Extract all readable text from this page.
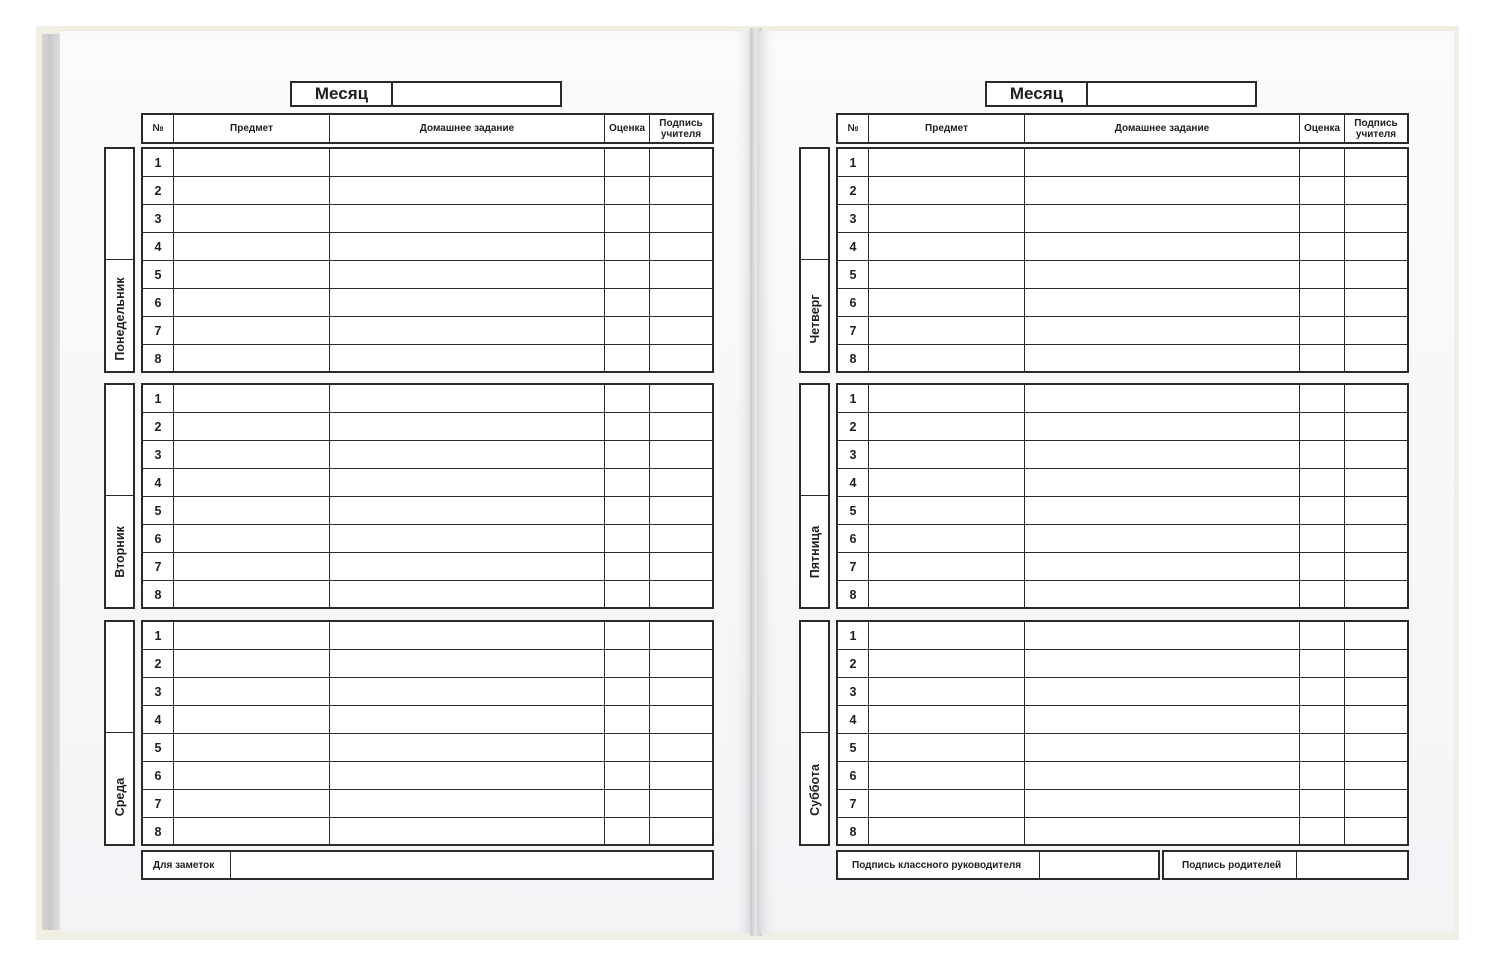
Месяц
№	Предмет	Домашнее задание	Оценка	Подпись учителя
Понедельник
1
2
3
4
5
6
7
8
Вторник
1
2
3
4
5
6
7
8
Среда
1
2
3
4
5
6
7
8
Для заметок
Месяц
№	Предмет	Домашнее задание	Оценка	Подпись учителя
Четверг
1
2
3
4
5
6
7
8
Пятница
1
2
3
4
5
6
7
8
Суббота
1
2
3
4
5
6
7
8
Подпись классного руководителя	Подпись родителей
